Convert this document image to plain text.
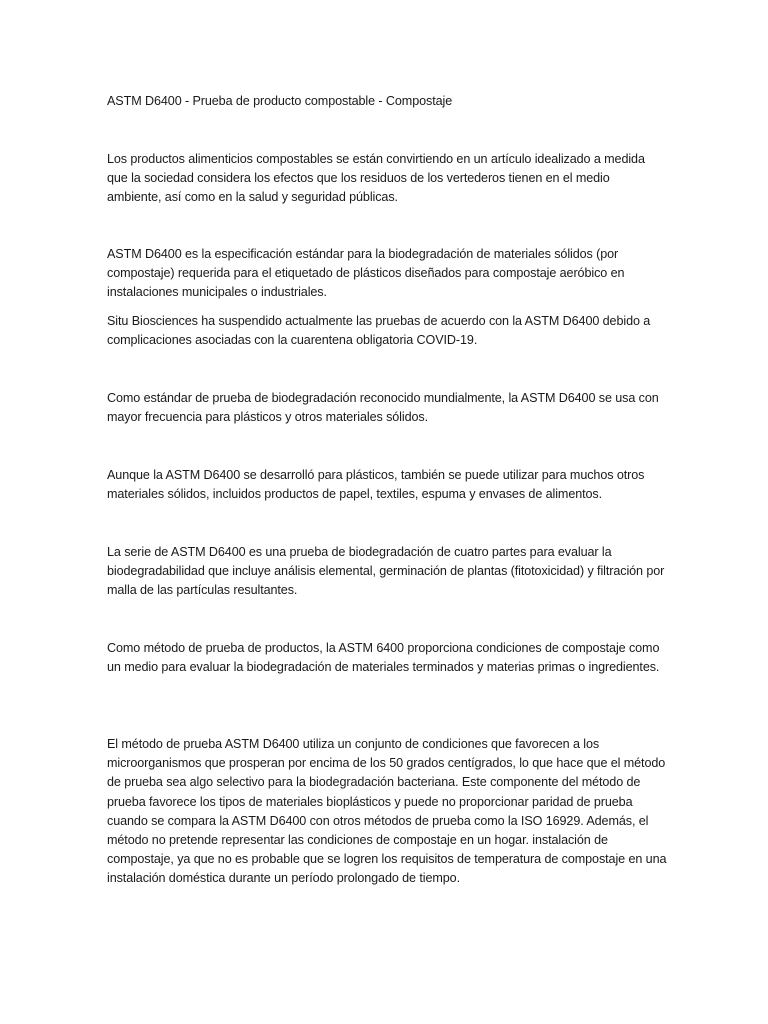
ASTM D6400 - Prueba de producto compostable - Compostaje

Los productos alimenticios compostables se están convirtiendo en un artículo idealizado a medida que la sociedad considera los efectos que los residuos de los vertederos tienen en el medio ambiente, así como en la salud y seguridad públicas.

ASTM D6400 es la especificación estándar para la biodegradación de materiales sólidos (por compostaje) requerida para el etiquetado de plásticos diseñados para compostaje aeróbico en instalaciones municipales o industriales.

Situ Biosciences ha suspendido actualmente las pruebas de acuerdo con la ASTM D6400 debido a complicaciones asociadas con la cuarentena obligatoria COVID-19.

Como estándar de prueba de biodegradación reconocido mundialmente, la ASTM D6400 se usa con mayor frecuencia para plásticos y otros materiales sólidos.

Aunque la ASTM D6400 se desarrolló para plásticos, también se puede utilizar para muchos otros materiales sólidos, incluidos productos de papel, textiles, espuma y envases de alimentos.

La serie de ASTM D6400 es una prueba de biodegradación de cuatro partes para evaluar la biodegradabilidad que incluye análisis elemental, germinación de plantas (fitotoxicidad) y filtración por malla de las partículas resultantes.

Como método de prueba de productos, la ASTM 6400 proporciona condiciones de compostaje como un medio para evaluar la biodegradación de materiales terminados y materias primas o ingredientes.

El método de prueba ASTM D6400 utiliza un conjunto de condiciones que favorecen a los microorganismos que prosperan por encima de los 50 grados centígrados, lo que hace que el método de prueba sea algo selectivo para la biodegradación bacteriana. Este componente del método de prueba favorece los tipos de materiales bioplásticos y puede no proporcionar paridad de prueba cuando se compara la ASTM D6400 con otros métodos de prueba como la ISO 16929. Además, el método no pretende representar las condiciones de compostaje en un hogar. instalación de compostaje, ya que no es probable que se logren los requisitos de temperatura de compostaje en una instalación doméstica durante un período prolongado de tiempo.
